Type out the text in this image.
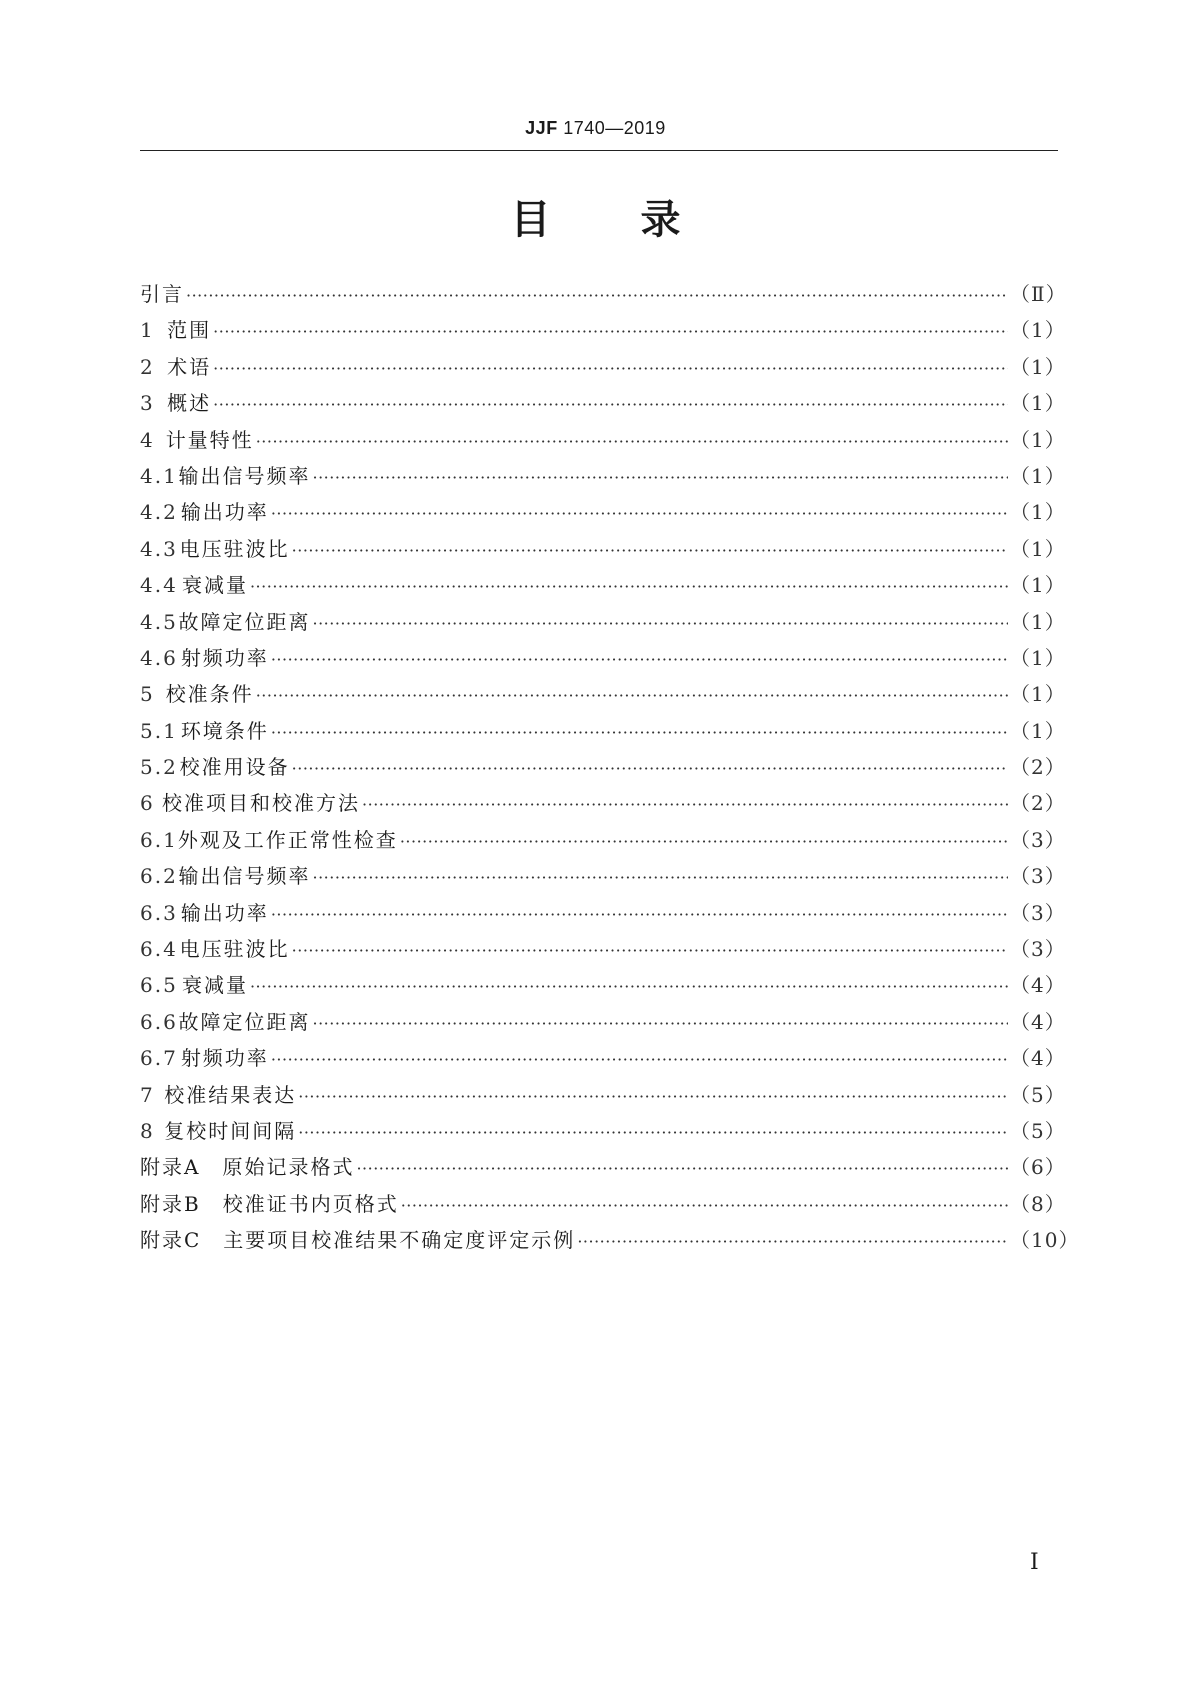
JJF 1740—2019
目 录
引言 ·····	（Ⅱ）
1 范围 ·····	（1）
2 术语 ·····	（1）
3 概述 ·····	（1）
4 计量特性 ·····	（1）
4.1 输出信号频率 ·····	（1）
4.2 输出功率 ·····	（1）
4.3 电压驻波比 ·····	（1）
4.4 衰减量 ·····	（1）
4.5 故障定位距离 ·····	（1）
4.6 射频功率 ·····	（1）
5 校准条件 ·····	（1）
5.1 环境条件 ·····	（1）
5.2 校准用设备 ·····	（2）
6 校准项目和校准方法 ·····	（2）
6.1 外观及工作正常性检查 ·····	（3）
6.2 输出信号频率 ·····	（3）
6.3 输出功率 ·····	（3）
6.4 电压驻波比 ·····	（3）
6.5 衰减量 ·····	（4）
6.6 故障定位距离 ·····	（4）
6.7 射频功率 ·····	（4）
7 校准结果表达 ·····	（5）
8 复校时间间隔 ·····	（5）
附录A　原始记录格式 ·····	（6）
附录B　校准证书内页格式 ·····	（8）
附录C　主要项目校准结果不确定度评定示例 ·····	（10）
Ⅰ
